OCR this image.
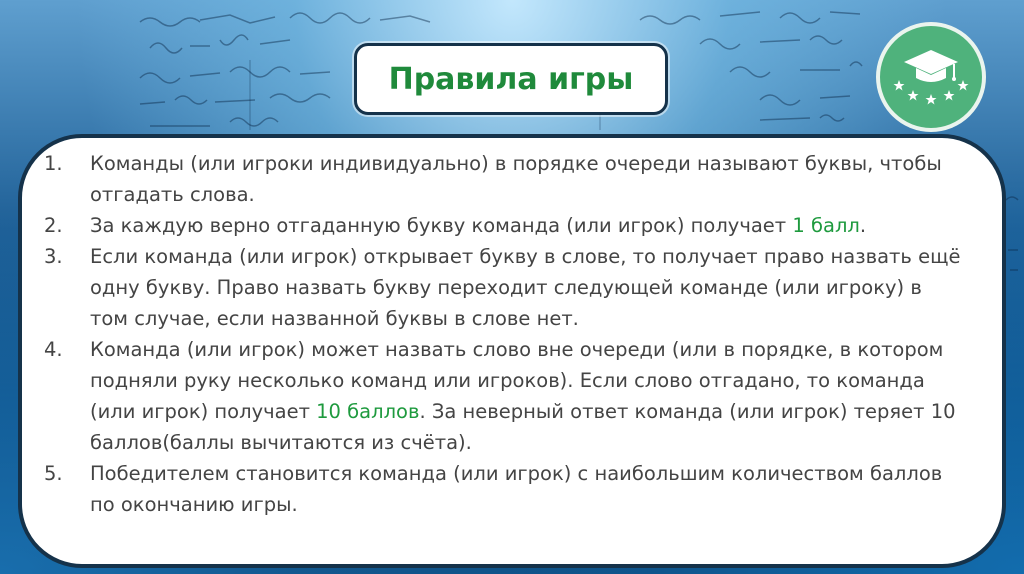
Правила игры
1.	Команды (или игроки индивидуально) в порядке очереди называют буквы, чтобы отгадать слова.
2.	За каждую верно отгаданную букву команда (или игрок) получает 1 балл.
3.	Если команда (или игрок) открывает букву в слове, то получает право назвать ещё одну букву. Право назвать букву переходит следующей команде (или игроку) в том случае, если названной буквы в слове нет.
4.	Команда (или игрок) может назвать слово вне очереди (или в порядке, в котором подняли руку несколько команд или игроков). Если слово отгадано, то команда (или игрок) получает 10 баллов. За неверный ответ команда (или игрок) теряет 10 баллов(баллы вычитаются из счёта).
5.	Победителем становится команда (или игрок) с наибольшим количеством баллов по окончанию игры.
